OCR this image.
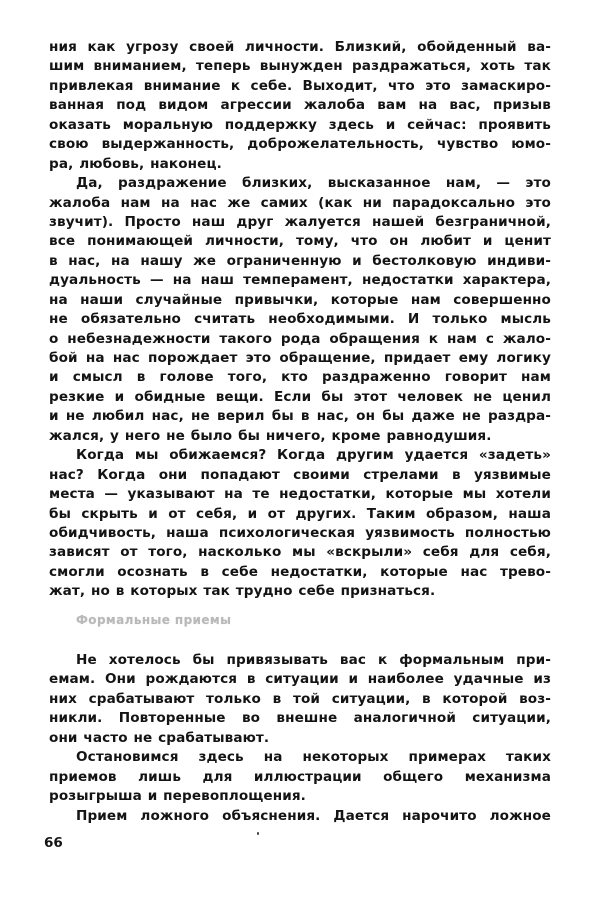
ния как угрозу своей личности. Близкий, обойденный ва-
шим вниманием, теперь вынужден раздражаться, хоть так
привлекая внимание к себе. Выходит, что это замаскиро-
ванная под видом агрессии жалоба вам на вас, призыв
оказать моральную поддержку здесь и сейчас: проявить
свою выдержанность, доброжелательность, чувство юмо-
ра, любовь, наконец.
Да, раздражение близких, высказанное нам, — это
жалоба нам на нас же самих (как ни парадоксально это
звучит). Просто наш друг жалуется нашей безграничной,
все понимающей личности, тому, что он любит и ценит
в нас, на нашу же ограниченную и бестолковую индиви-
дуальность — на наш темперамент, недостатки характера,
на наши случайные привычки, которые нам совершенно
не обязательно считать необходимыми. И только мысль
о небезнадежности такого рода обращения к нам с жало-
бой на нас порождает это обращение, придает ему логику
и смысл в голове того, кто раздраженно говорит нам
резкие и обидные вещи. Если бы этот человек не ценил
и не любил нас, не верил бы в нас, он бы даже не раздра-
жался, у него не было бы ничего, кроме равнодушия.
Когда мы обижаемся? Когда другим удается «задеть»
нас? Когда они попадают своими стрелами в уязвимые
места — указывают на те недостатки, которые мы хотели
бы скрыть и от себя, и от других. Таким образом, наша
обидчивость, наша психологическая уязвимость полностью
зависят от того, насколько мы «вскрыли» себя для себя,
смогли осознать в себе недостатки, которые нас трево-
жат, но в которых так трудно себе признаться.
Формальные приемы
Не хотелось бы привязывать вас к формальным при-
емам. Они рождаются в ситуации и наиболее удачные из
них срабатывают только в той ситуации, в которой воз-
никли. Повторенные во внешне аналогичной ситуации,
они часто не срабатывают.
Остановимся здесь на некоторых примерах таких
приемов лишь для иллюстрации общего механизма
розыгрыша и перевоплощения.
Прием ложного объяснения. Дается нарочито ложное
66
